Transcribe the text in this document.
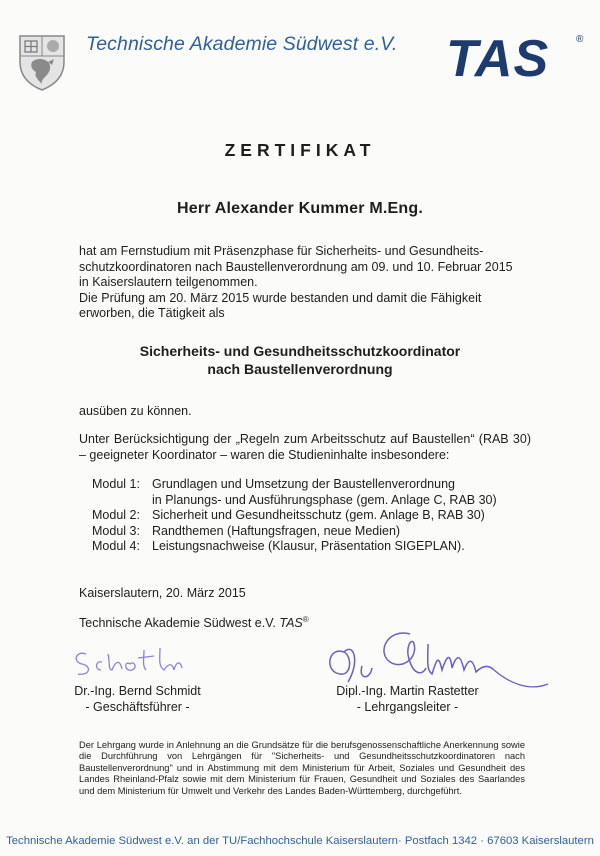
Technische Akademie Südwest e.V. TAS	®
ZERTIFIKAT
Herr Alexander Kummer M.Eng.
hat am Fernstudium mit Präsenzphase für Sicherheits- und Gesundheits-
schutzkoordinatoren nach Baustellenverordnung am 09. und 10. Februar 2015
in Kaiserslautern teilgenommen.
Die Prüfung am 20. März 2015 wurde bestanden und damit die Fähigkeit
erworben, die Tätigkeit als
Sicherheits- und Gesundheitsschutzkoordinator
nach Baustellenverordnung
ausüben zu können.
Unter Berücksichtigung der „Regeln zum Arbeitsschutz auf Baustellen“ (RAB 30) – geeigneter Koordinator – waren die Studieninhalte insbesondere:
Modul 1: Grundlagen und Umsetzung der Baustellenverordnung
in Planungs- und Ausführungsphase (gem. Anlage C, RAB 30)
Modul 2: Sicherheit und Gesundheitsschutz (gem. Anlage B, RAB 30)
Modul 3: Randthemen (Haftungsfragen, neue Medien)
Modul 4: Leistungsnachweise (Klausur, Präsentation SIGEPLAN).
Kaiserslautern, 20. März 2015
Technische Akademie Südwest e.V. TAS®
Dr.-Ing. Bernd Schmidt
- Geschäftsführer -
Dipl.-Ing. Martin Rastetter
- Lehrgangsleiter -
Der Lehrgang wurde in Anlehnung an die Grundsätze für die berufsgenossenschaftliche Anerkennung sowie die Durchführung von Lehrgängen für "Sicherheits- und Gesundheitsschutzkoordinatoren nach Baustellenverordnung" und in Abstimmung mit dem Ministerium für Arbeit, Soziales und Gesundheit des Landes Rheinland-Pfalz sowie mit dem Ministerium für Frauen, Gesundheit und Soziales des Saarlandes und dem Ministerium für Umwelt und Verkehr des Landes Baden-Württemberg, durchgeführt.
Technische Akademie Südwest e.V. an der TU/Fachhochschule Kaiserslautern· Postfach 1342 · 67603 Kaiserslautern
